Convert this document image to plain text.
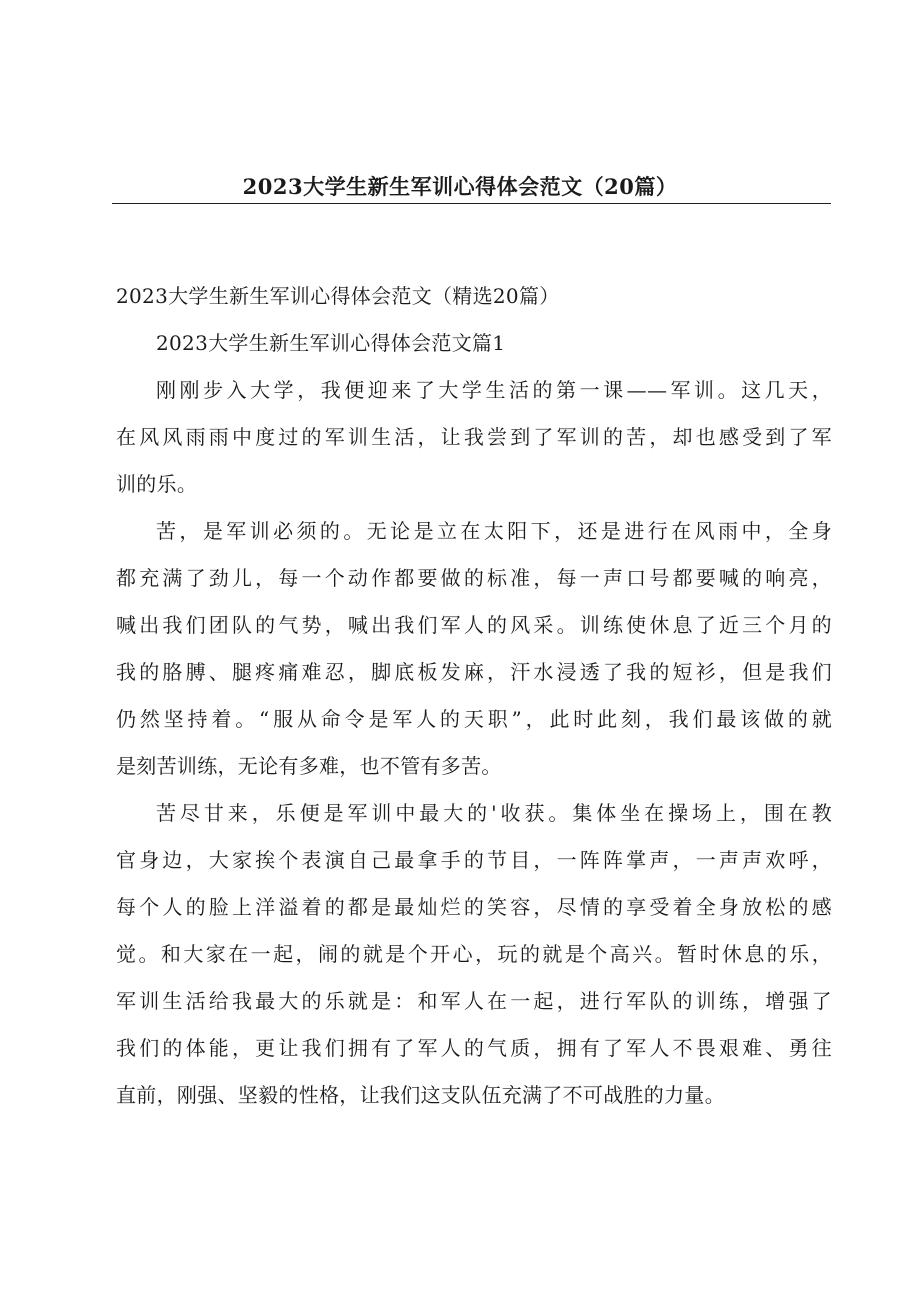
2023大学生新生军训心得体会范文（20篇）

2023大学生新生军训心得体会范文（精选20篇）

2023大学生新生军训心得体会范文篇1

刚刚步入大学，我便迎来了大学生活的第一课——军训。这几天，
在风风雨雨中度过的军训生活，让我尝到了军训的苦，却也感受到了军
训的乐。

苦，是军训必须的。无论是立在太阳下，还是进行在风雨中，全身
都充满了劲儿，每一个动作都要做的标准，每一声口号都要喊的响亮，
喊出我们团队的气势，喊出我们军人的风采。训练使休息了近三个月的
我的胳膊、腿疼痛难忍，脚底板发麻，汗水浸透了我的短衫，但是我们
仍然坚持着。“服从命令是军人的天职”，此时此刻，我们最该做的就
是刻苦训练，无论有多难，也不管有多苦。

苦尽甘来，乐便是军训中最大的'收获。集体坐在操场上，围在教
官身边，大家挨个表演自己最拿手的节目，一阵阵掌声，一声声欢呼，
每个人的脸上洋溢着的都是最灿烂的笑容，尽情的享受着全身放松的感
觉。和大家在一起，闹的就是个开心，玩的就是个高兴。暂时休息的乐，
军训生活给我最大的乐就是：和军人在一起，进行军队的训练，增强了
我们的体能，更让我们拥有了军人的气质，拥有了军人不畏艰难、勇往
直前，刚强、坚毅的性格，让我们这支队伍充满了不可战胜的力量。
